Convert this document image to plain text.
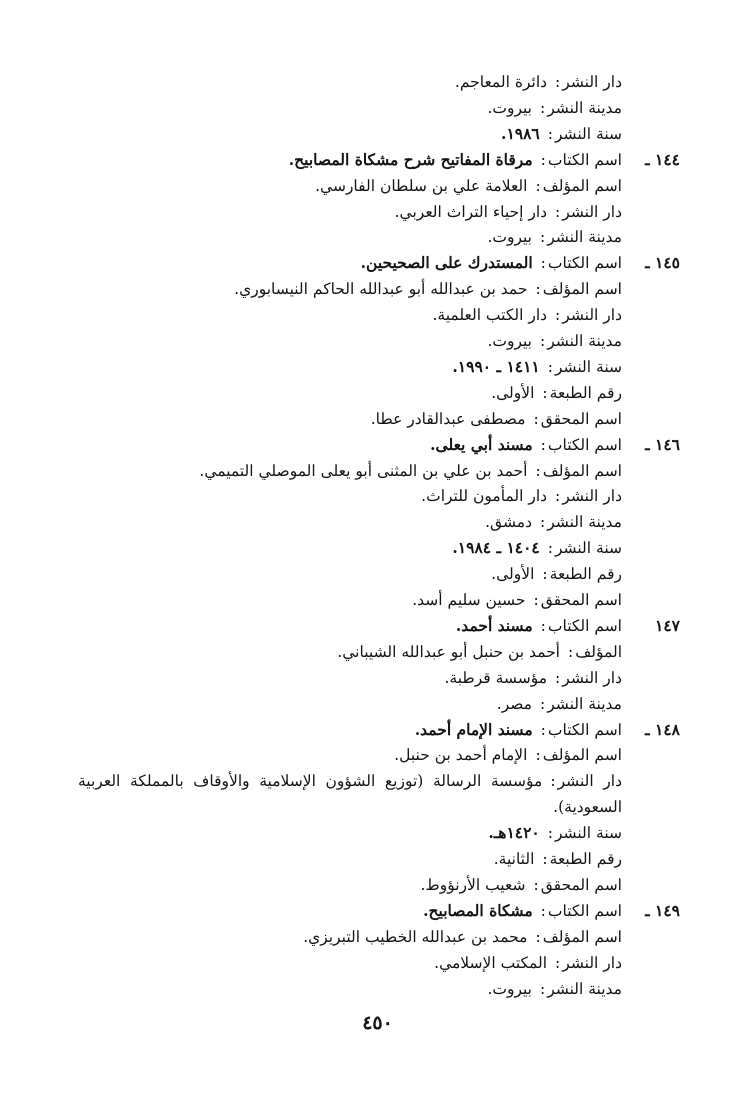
دار النشر:دائرة المعاجم.
مدينة النشر:بيروت.
سنة النشر:١٩٨٦.
اسم الكتاب:مرقاة المفاتيح شرح مشكاة المصابيح.	١٤٤ ـ
اسم المؤلف:العلامة علي بن سلطان الفارسي.
دار النشر:دار إحياء التراث العربي.
مدينة النشر:بيروت.
اسم الكتاب:المستدرك على الصحيحين.	١٤٥ ـ
اسم المؤلف:حمد بن عبدالله أبو عبدالله الحاكم النيسابوري.
دار النشر:دار الكتب العلمية.
مدينة النشر:بيروت.
سنة النشر:١٤١١ ـ ١٩٩٠.
رقم الطبعة:الأولى.
اسم المحقق:مصطفى عبدالقادر عطا.
اسم الكتاب:مسند أبي يعلى.	١٤٦ ـ
اسم المؤلف:أحمد بن علي بن المثنى أبو يعلى الموصلي التميمي.
دار النشر:دار المأمون للتراث.
مدينة النشر:دمشق.
سنة النشر:١٤٠٤ ـ ١٩٨٤.
رقم الطبعة:الأولى.
اسم المحقق:حسين سليم أسد.
اسم الكتاب:مسند أحمد.	١٤٧
المؤلف:أحمد بن حنبل أبو عبدالله الشيباني.
دار النشر:مؤسسة قرطبة.
مدينة النشر:مصر.
اسم الكتاب:مسند الإمام أحمد.	١٤٨ ـ
اسم المؤلف:الإمام أحمد بن حنبل.
دار النشر:مؤسسة الرسالة (توزيع الشؤون الإسلامية والأوقاف بالمملكة العربية
السعودية).
سنة النشر:١٤٢٠هـ.
رقم الطبعة:الثانية.
اسم المحقق:شعيب الأرنؤوط.
اسم الكتاب:مشكاة المصابيح.	١٤٩ ـ
اسم المؤلف:محمد بن عبدالله الخطيب التبريزي.
دار النشر:المكتب الإسلامي.
مدينة النشر:بيروت.
٤٥٠
